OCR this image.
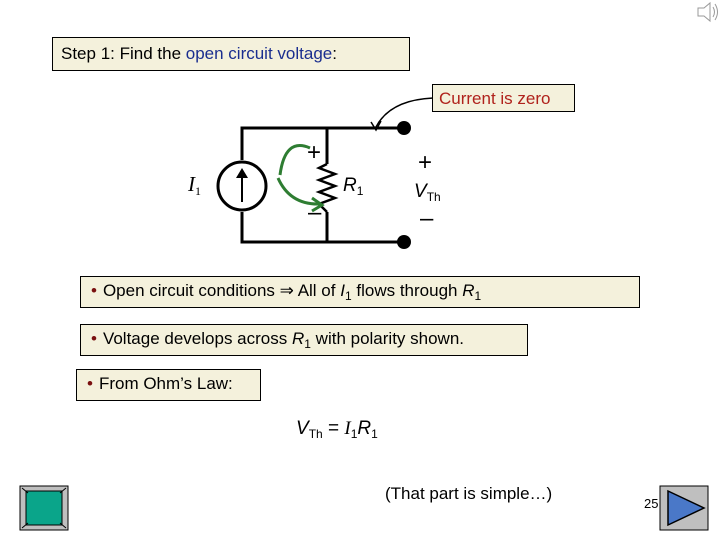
Step 1: Find the open circuit voltage:
Current is zero
$I_1$	$R_1$
+
–
+
$V_{Th}$
–
• Open circuit conditions ⇒ All of $I_1$ flows through $R_1$
• Voltage develops across $R_1$ with polarity shown.
• From Ohm’s Law:
$V_{Th} = I_1R_1$
(That part is simple…)
25
